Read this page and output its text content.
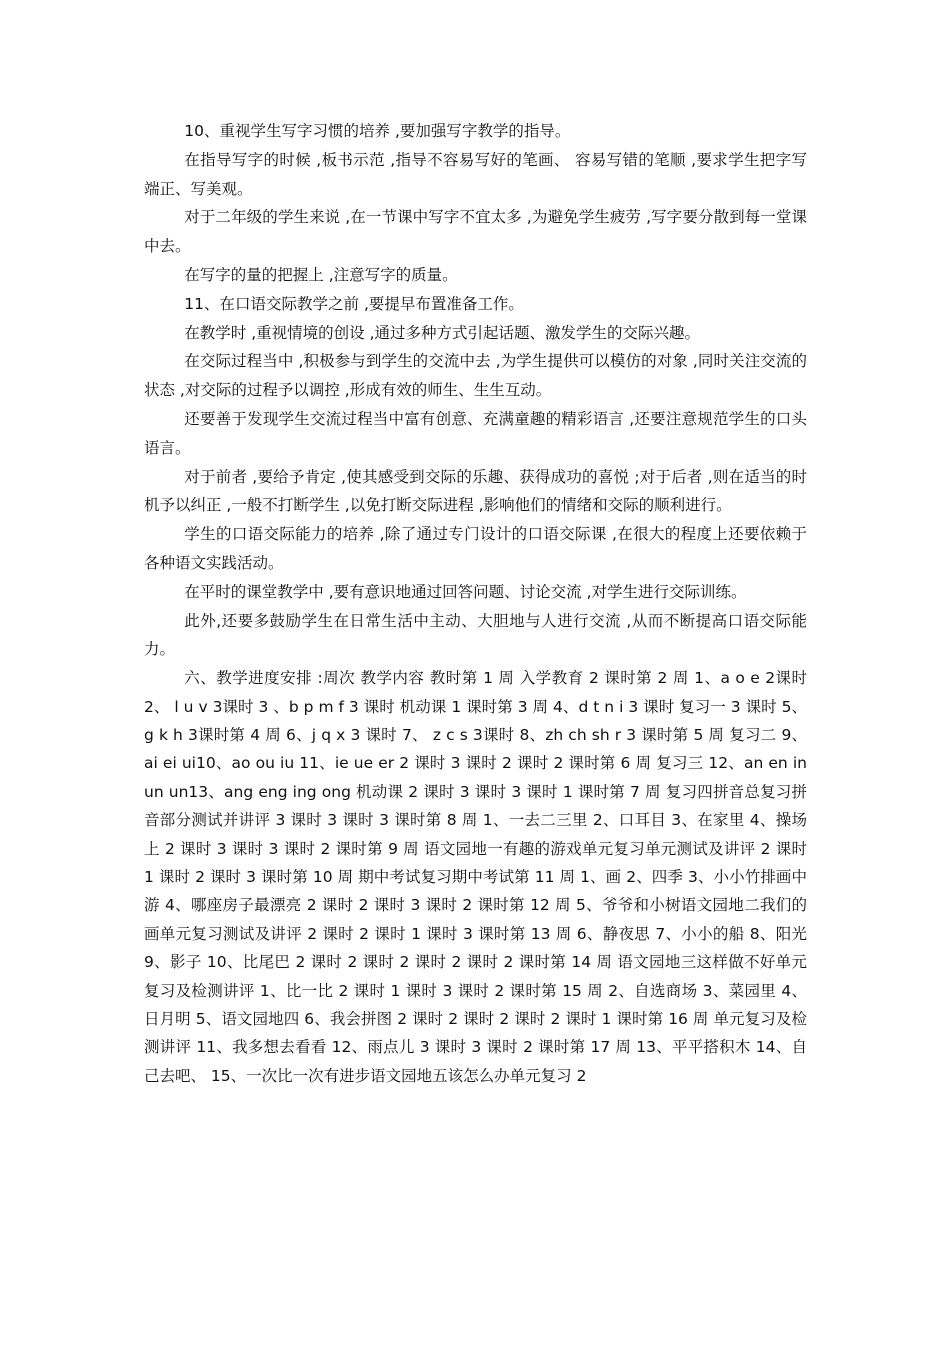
10、重视学生写字习惯的培养 ,要加强写字教学的指导。

在指导写字的时候 ,板书示范 ,指导不容易写好的笔画、 容易写错的笔顺 ,要求学生把字写端正、写美观。

对于二年级的学生来说 ,在一节课中写字不宜太多 ,为避免学生疲劳 ,写字要分散到每一堂课中去。

在写字的量的把握上 ,注意写字的质量。

11、在口语交际教学之前 ,要提早布置准备工作。

在教学时 ,重视情境的创设 ,通过多种方式引起话题、激发学生的交际兴趣。

在交际过程当中 ,积极参与到学生的交流中去 ,为学生提供可以模仿的对象 ,同时关注交流的状态 ,对交际的过程予以调控 ,形成有效的师生、生生互动。

还要善于发现学生交流过程当中富有创意、充满童趣的精彩语言 ,还要注意规范学生的口头语言。

对于前者 ,要给予肯定 ,使其感受到交际的乐趣、获得成功的喜悦 ;对于后者 ,则在适当的时机予以纠正 ,一般不打断学生 ,以免打断交际进程 ,影响他们的情绪和交际的顺利进行。

学生的口语交际能力的培养 ,除了通过专门设计的口语交际课 ,在很大的程度上还要依赖于各种语文实践活动。

在平时的课堂教学中 ,要有意识地通过回答问题、讨论交流 ,对学生进行交际训练。

此外,还要多鼓励学生在日常生活中主动、大胆地与人进行交流 ,从而不断提高口语交际能力。

六、教学进度安排 :周次 教学内容 教时第 1 周 入学教育 2 课时第 2 周 1、a o e 2课时 2、 l u v 3课时 3 、b p m f 3 课时 机动课 1 课时第 3 周 4、d t n i 3 课时 复习一 3 课时 5、g k h 3课时第 4 周 6、j q x 3 课时 7、 z c s 3课时 8、zh ch sh r 3 课时第 5 周 复习二 9、ai ei ui10、ao ou iu 11、ie ue er 2 课时 3 课时 2 课时 2 课时第 6 周 复习三 12、an en in un un13、ang eng ing ong 机动课 2 课时 3 课时 3 课时 1 课时第 7 周 复习四拼音总复习拼音部分测试并讲评 3 课时 3 课时 3 课时第 8 周 1、一去二三里 2、口耳目 3、在家里 4、操场上 2 课时 3 课时 3 课时 2 课时第 9 周 语文园地一有趣的游戏单元复习单元测试及讲评 2 课时 1 课时 2 课时 3 课时第 10 周 期中考试复习期中考试第 11 周 1、画 2、四季 3、小小竹排画中游 4、哪座房子最漂亮 2 课时 2 课时 3 课时 2 课时第 12 周 5、爷爷和小树语文园地二我们的画单元复习测试及讲评 2 课时 2 课时 1 课时 3 课时第 13 周 6、静夜思 7、小小的船 8、阳光 9、影子 10、比尾巴 2 课时 2 课时 2 课时 2 课时 2 课时第 14 周 语文园地三这样做不好单元复习及检测讲评 1、比一比 2 课时 1 课时 3 课时 2 课时第 15 周 2、自选商场 3、菜园里 4、日月明 5、语文园地四 6、我会拼图 2 课时 2 课时 2 课时 2 课时 1 课时第 16 周 单元复习及检测讲评 11、我多想去看看 12、雨点儿 3 课时 3 课时 2 课时第 17 周 13、平平搭积木 14、自己去吧、 15、一次比一次有进步语文园地五该怎么办单元复习 2
